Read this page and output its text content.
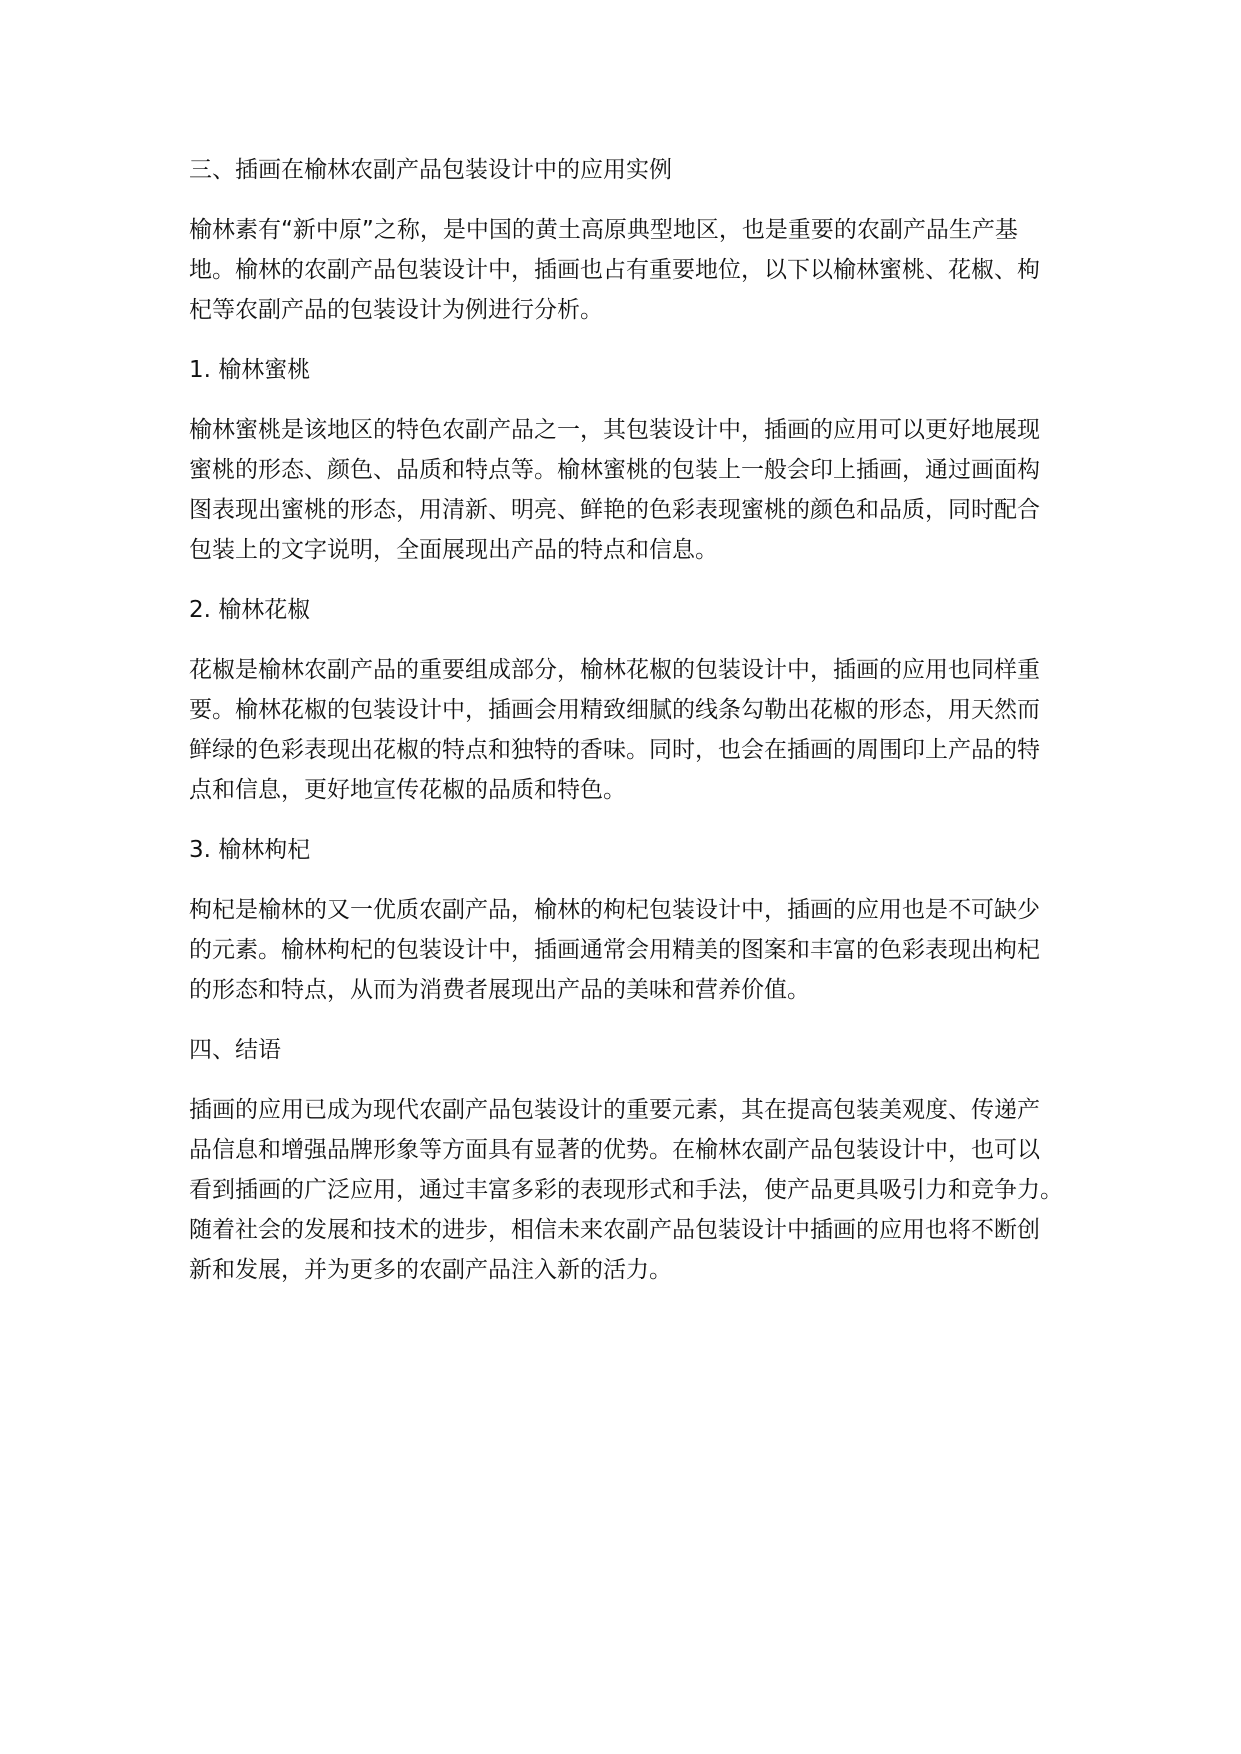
三、插画在榆林农副产品包装设计中的应用实例

榆林素有“新中原”之称，是中国的黄土高原典型地区，也是重要的农副产品生产基
地。榆林的农副产品包装设计中，插画也占有重要地位，以下以榆林蜜桃、花椒、枸
杞等农副产品的包装设计为例进行分析。

1. 榆林蜜桃

榆林蜜桃是该地区的特色农副产品之一，其包装设计中，插画的应用可以更好地展现
蜜桃的形态、颜色、品质和特点等。榆林蜜桃的包装上一般会印上插画，通过画面构
图表现出蜜桃的形态，用清新、明亮、鲜艳的色彩表现蜜桃的颜色和品质，同时配合
包装上的文字说明，全面展现出产品的特点和信息。

2. 榆林花椒

花椒是榆林农副产品的重要组成部分，榆林花椒的包装设计中，插画的应用也同样重
要。榆林花椒的包装设计中，插画会用精致细腻的线条勾勒出花椒的形态，用天然而
鲜绿的色彩表现出花椒的特点和独特的香味。同时，也会在插画的周围印上产品的特
点和信息，更好地宣传花椒的品质和特色。

3. 榆林枸杞

枸杞是榆林的又一优质农副产品，榆林的枸杞包装设计中，插画的应用也是不可缺少
的元素。榆林枸杞的包装设计中，插画通常会用精美的图案和丰富的色彩表现出枸杞
的形态和特点，从而为消费者展现出产品的美味和营养价值。

四、结语

插画的应用已成为现代农副产品包装设计的重要元素，其在提高包装美观度、传递产
品信息和增强品牌形象等方面具有显著的优势。在榆林农副产品包装设计中，也可以
看到插画的广泛应用，通过丰富多彩的表现形式和手法，使产品更具吸引力和竞争力。
随着社会的发展和技术的进步，相信未来农副产品包装设计中插画的应用也将不断创
新和发展，并为更多的农副产品注入新的活力。
